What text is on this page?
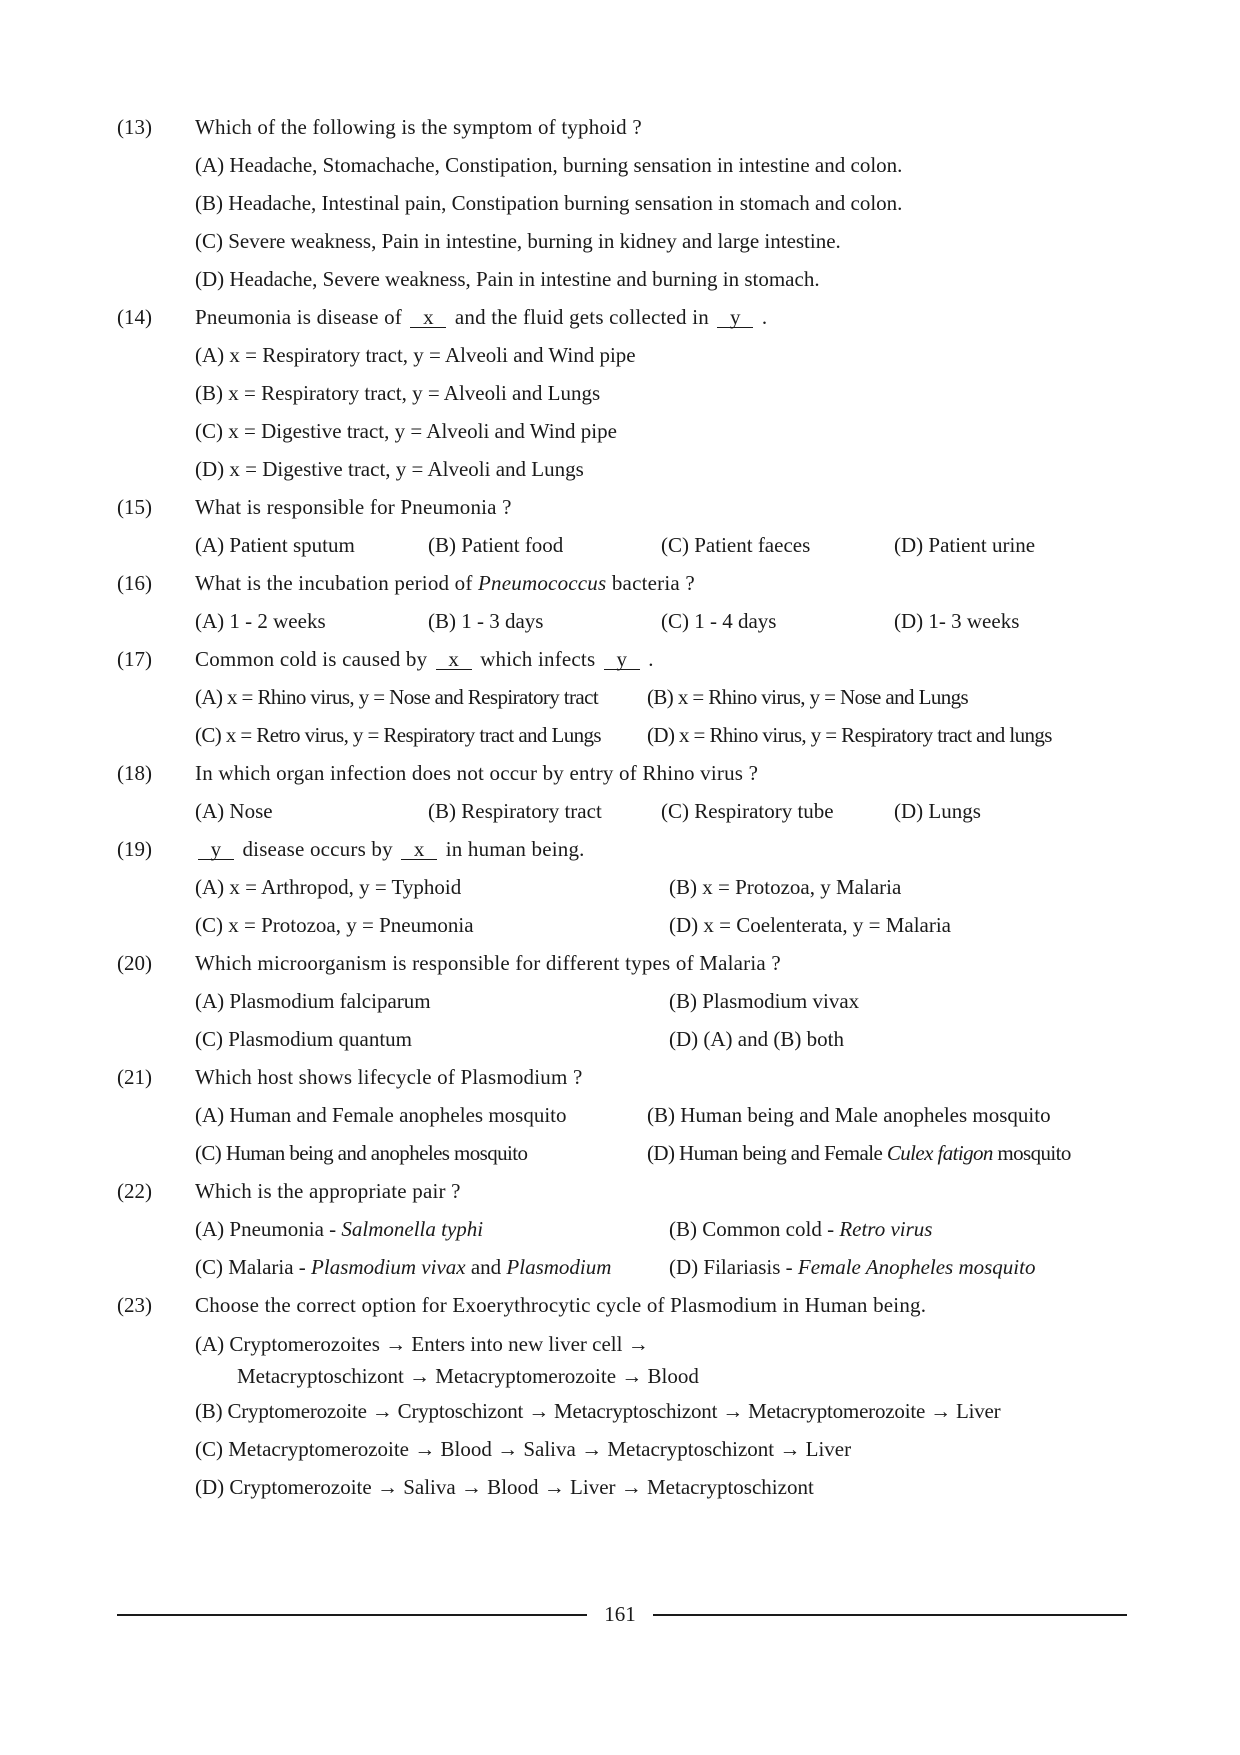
(13)	Which of the following is the symptom of typhoid ?
(A) Headache, Stomachache, Constipation, burning sensation in intestine and colon.
(B) Headache, Intestinal pain, Constipation burning sensation in stomach and colon.
(C) Severe weakness, Pain in intestine, burning in kidney and large intestine.
(D) Headache, Severe weakness, Pain in intestine and burning in stomach.
(14)	Pneumonia is disease of x and the fluid gets collected in y .
(A) x = Respiratory tract, y = Alveoli and Wind pipe
(B) x = Respiratory tract, y = Alveoli and Lungs
(C) x = Digestive tract, y = Alveoli and Wind pipe
(D) x = Digestive tract, y = Alveoli and Lungs
(15)	What is responsible for Pneumonia ?
(A) Patient sputum	(B) Patient food	(C) Patient faeces	(D) Patient urine
(16)	What is the incubation period of Pneumococcus bacteria ?
(A) 1 - 2 weeks	(B) 1 - 3 days	(C) 1 - 4 days	(D) 1- 3 weeks
(17)	Common cold is caused by x which infects y .
(A) x = Rhino virus, y = Nose and Respiratory tract	(B) x = Rhino virus, y = Nose and Lungs
(C) x = Retro virus, y = Respiratory tract and Lungs	(D) x = Rhino virus, y = Respiratory tract and lungs
(18)	In which organ infection does not occur by entry of Rhino virus ?
(A) Nose	(B) Respiratory tract	(C) Respiratory tube	(D) Lungs
(19)	y disease occurs by x in human being.
(A) x = Arthropod, y = Typhoid	(B) x = Protozoa, y Malaria
(C) x = Protozoa, y = Pneumonia	(D) x = Coelenterata, y = Malaria
(20)	Which microorganism is responsible for different types of Malaria ?
(A) Plasmodium falciparum	(B) Plasmodium vivax
(C) Plasmodium quantum	(D) (A) and (B) both
(21)	Which host shows lifecycle of Plasmodium ?
(A) Human and Female anopheles mosquito	(B) Human being and Male anopheles mosquito
(C) Human being and anopheles mosquito	(D) Human being and Female Culex fatigon mosquito
(22)	Which is the appropriate pair ?
(A) Pneumonia - Salmonella typhi	(B) Common cold - Retro virus
(C) Malaria - Plasmodium vivax and Plasmodium	(D) Filariasis - Female Anopheles mosquito
(23)	Choose the correct option for Exoerythrocytic cycle of Plasmodium in Human being.
(A) Cryptomerozoites → Enters into new liver cell →
Metacryptoschizont → Metacryptomerozoite → Blood
(B) Cryptomerozoite → Cryptoschizont → Metacryptoschizont → Metacryptomerozoite → Liver
(C) Metacryptomerozoite → Blood → Saliva → Metacryptoschizont → Liver
(D) Cryptomerozoite → Saliva → Blood → Liver → Metacryptoschizont
161
